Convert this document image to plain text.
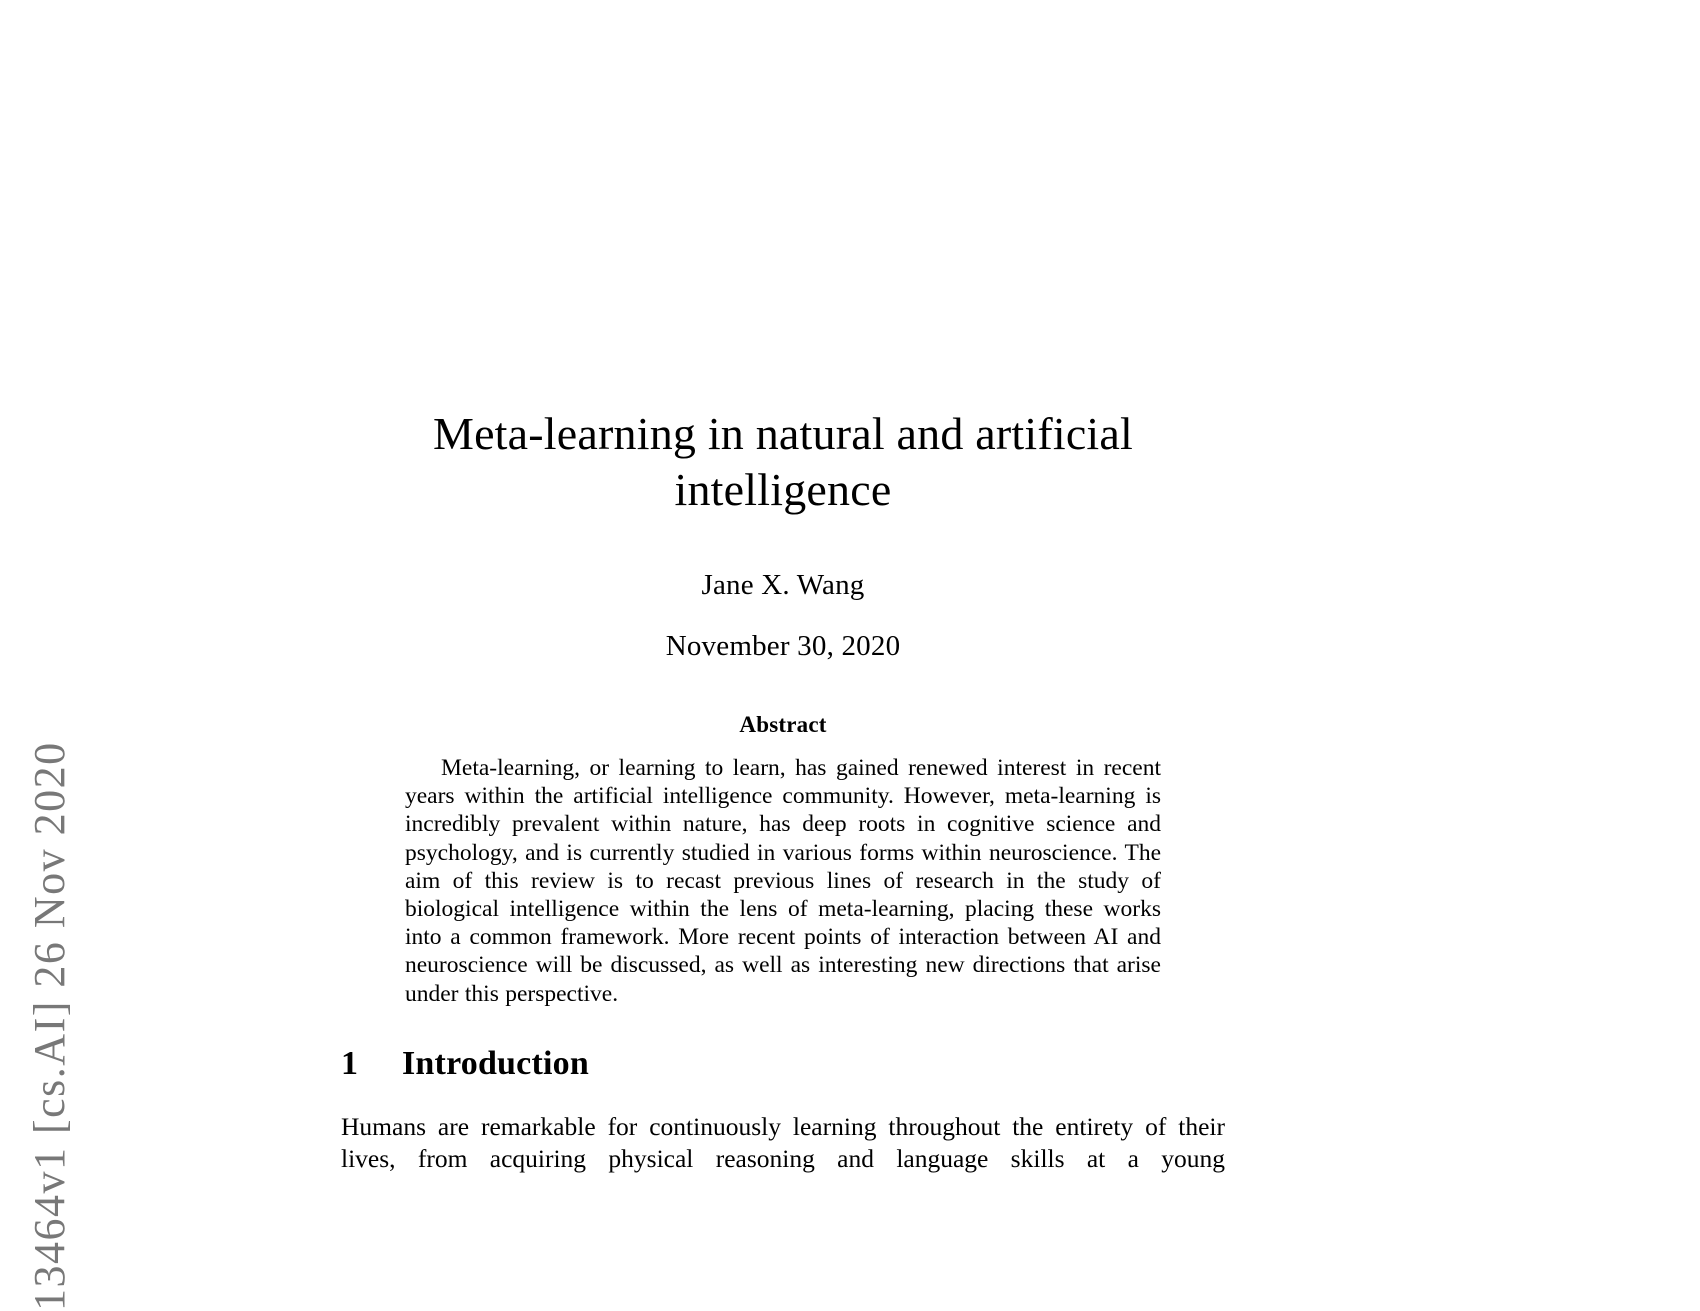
13464v1 [cs.AI] 26 Nov 2020
Meta-learning in natural and artificial intelligence

Jane X. Wang

November 30, 2020

Abstract

Meta-learning, or learning to learn, has gained renewed interest in recent years within the artificial intelligence community. However, meta-learning is incredibly prevalent within nature, has deep roots in cognitive science and psychology, and is currently studied in various forms within neuroscience. The aim of this review is to recast previous lines of research in the study of biological intelligence within the lens of meta-learning, placing these works into a common framework. More recent points of interaction between AI and neuroscience will be discussed, as well as interesting new directions that arise under this perspective.

1 Introduction

Humans are remarkable for continuously learning throughout the entirety of their lives, from acquiring physical reasoning and language skills at a young
